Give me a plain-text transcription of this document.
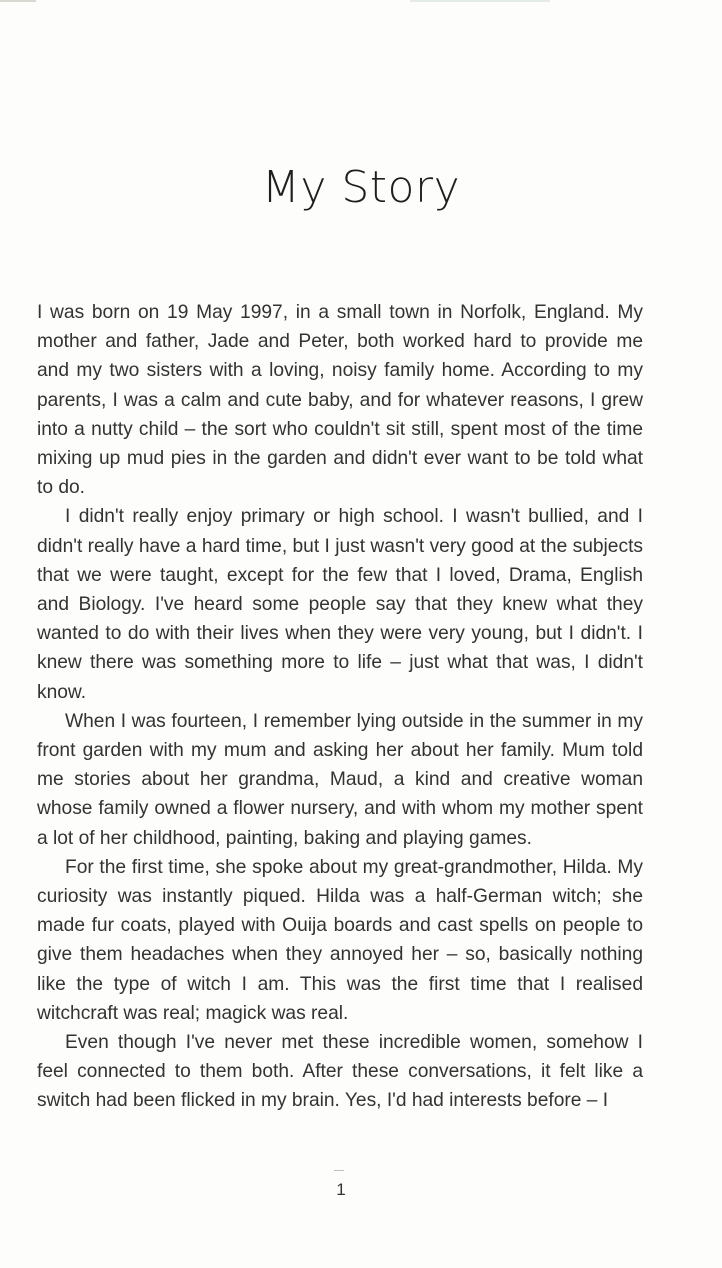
My Story

I was born on 19 May 1997, in a small town in Norfolk, England. My mother and father, Jade and Peter, both worked hard to provide me and my two sisters with a loving, noisy family home. According to my parents, I was a calm and cute baby, and for whatever reasons, I grew into a nutty child – the sort who couldn't sit still, spent most of the time mixing up mud pies in the garden and didn't ever want to be told what to do.

I didn't really enjoy primary or high school. I wasn't bullied, and I didn't really have a hard time, but I just wasn't very good at the subjects that we were taught, except for the few that I loved, Drama, English and Biology. I've heard some people say that they knew what they wanted to do with their lives when they were very young, but I didn't. I knew there was something more to life – just what that was, I didn't know.

When I was fourteen, I remember lying outside in the summer in my front garden with my mum and asking her about her family. Mum told me stories about her grandma, Maud, a kind and creative woman whose family owned a flower nursery, and with whom my mother spent a lot of her childhood, painting, baking and playing games.

For the first time, she spoke about my great-grandmother, Hilda. My curiosity was instantly piqued. Hilda was a half-German witch; she made fur coats, played with Ouija boards and cast spells on people to give them headaches when they annoyed her – so, basically nothing like the type of witch I am. This was the first time that I realised witchcraft was real; magick was real.

Even though I've never met these incredible women, somehow I feel connected to them both. After these conversations, it felt like a switch had been flicked in my brain. Yes, I'd had interests before – I

1
